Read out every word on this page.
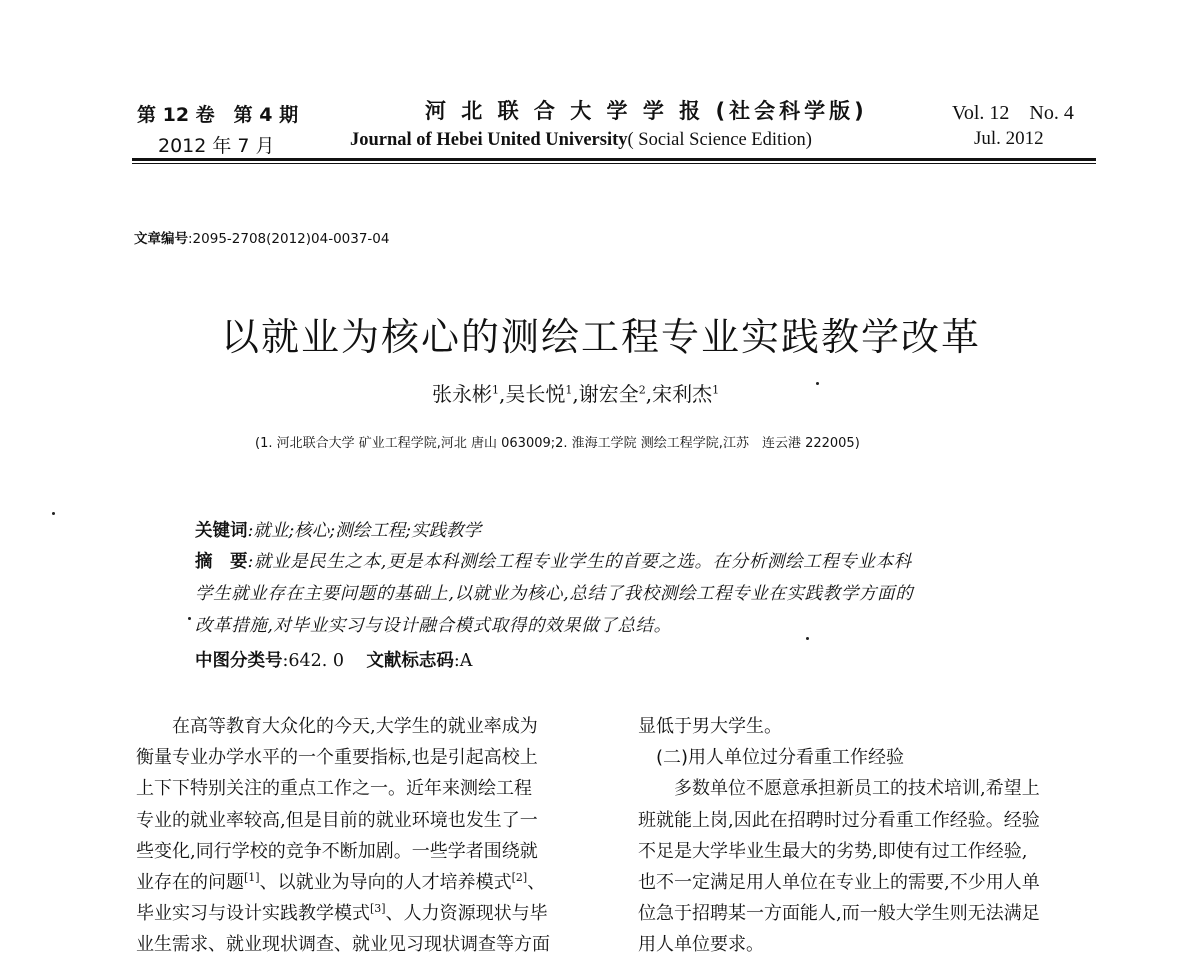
第 12 卷　第 4 期
2012 年 7 月
河 北 联 合 大 学 学 报 (社会科学版)
Journal of Hebei United University( Social Science Edition)
Vol. 12　No. 4
Jul. 2012
文章编号:2095-2708(2012)04-0037-04
以就业为核心的测绘工程专业实践教学改革
张永彬$^1$,吴长悦$^1$,谢宏全$^2$,宋利杰$^1$
(1. 河北联合大学 矿业工程学院,河北 唐山 063009;2. 淮海工学院 测绘工程学院,江苏　连云港 222005)
关键词:就业;核心;测绘工程;实践教学
摘　要:就业是民生之本,更是本科测绘工程专业学生的首要之选。在分析测绘工程专业本科
学生就业存在主要问题的基础上,以就业为核心,总结了我校测绘工程专业在实践教学方面的
改革措施,对毕业实习与设计融合模式取得的效果做了总结。
中图分类号:642. 0 文献标志码:A
　　在高等教育大众化的今天,大学生的就业率成为
衡量专业办学水平的一个重要指标,也是引起高校上
上下下特别关注的重点工作之一。近年来测绘工程
专业的就业率较高,但是目前的就业环境也发生了一
些变化,同行学校的竞争不断加剧。一些学者围绕就
业存在的问题[1]、以就业为导向的人才培养模式[2]、
毕业实习与设计实践教学模式[3]、人力资源现状与毕
业生需求、就业现状调查、就业见习现状调查等方面
显低于男大学生。
　(二)用人单位过分看重工作经验
　　多数单位不愿意承担新员工的技术培训,希望上
班就能上岗,因此在招聘时过分看重工作经验。经验
不足是大学毕业生最大的劣势,即使有过工作经验,
也不一定满足用人单位在专业上的需要,不少用人单
位急于招聘某一方面能人,而一般大学生则无法满足
用人单位要求。
